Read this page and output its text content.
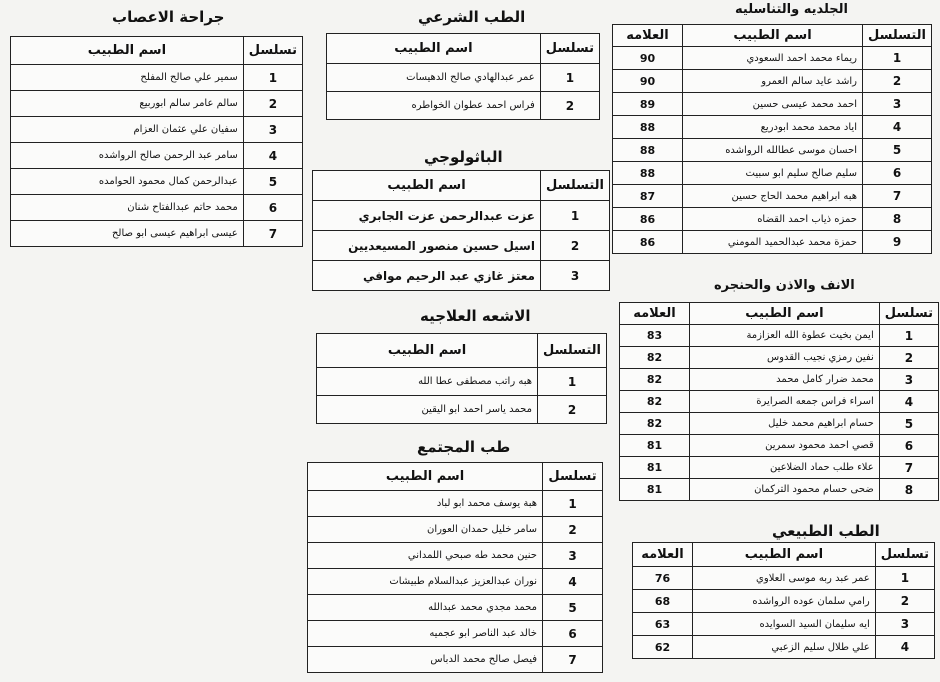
جراحة الاعصاب	الطب الشرعي	الجلديه والتناسليه
الباثولوجي
الانف والاذن والحنجره
الاشعه العلاجيه
طب المجتمع
الطب الطبيعي
تسلسل	اسم الطبيب
1	سمير علي صالح المفلح
2	سالم عامر سالم ابوربيع
3	سفيان علي عثمان العزام
4	سامر عبد الرحمن صالح الرواشده
5	عبدالرحمن كمال محمود الحوامده
6	محمد حاتم عبدالفتاح شنان
7	عيسى ابراهيم عيسى ابو صالح
تسلسل	اسم الطبيب
1	عمر عبدالهادي صالح الدهيسات
2	فراس احمد عطوان الخواطره
التسلسل	اسم الطبيب	العلامه
1	ريماء محمد احمد السعودي	90
2	راشد عايد سالم العمرو	90
3	احمد محمد عيسى حسين	89
4	اياد محمد محمد ابودريع	88
5	احسان موسى عطالله الرواشده	88
6	سليم صالح سليم ابو سبيت	88
7	هبه ابراهيم محمد الحاج حسين	87
8	حمزه ذياب احمد القضاه	86
9	حمزة محمد عبدالحميد المومني	86
التسلسل	اسم الطبيب
1	عزت عبدالرحمن عزت الجابري
2	اسيل حسين منصور المسيعديين
3	معتز غازي عبد الرحيم موافي
تسلسل	اسم الطبيب	العلامه
1	ايمن بخيت عطوة الله العزازمة	83
2	نفين رمزي نجيب القدوس	82
3	محمد ضرار كامل محمد	82
4	اسراء فراس جمعه الصرايرة	82
5	حسام ابراهيم محمد خليل	82
6	قصي احمد محمود سمرين	81
7	علاء طلب حماد الضلاعين	81
8	ضحى حسام محمود التركمان	81
التسلسل	اسم الطبيب
1	هبه راتب مصطفى عطا الله
2	محمد ياسر احمد ابو اليقين
تسلسل	اسم الطبيب
1	هبة يوسف محمد ابو لباد
2	سامر خليل حمدان العوران
3	حنين محمد طه صبحي اللمداني
4	نوران عبدالعزيز عبدالسلام طبيشات
5	محمد مجدي محمد عبدالله
6	خالد عبد الناصر ابو عجميه
7	فيصل صالح محمد الدباس
تسلسل	اسم الطبيب	العلامه
1	عمر عبد ربه موسى العلاوي	76
2	رامي سلمان عوده الرواشده	68
3	ايه سليمان السيد السوايده	63
4	علي طلال سليم الزعبي	62
